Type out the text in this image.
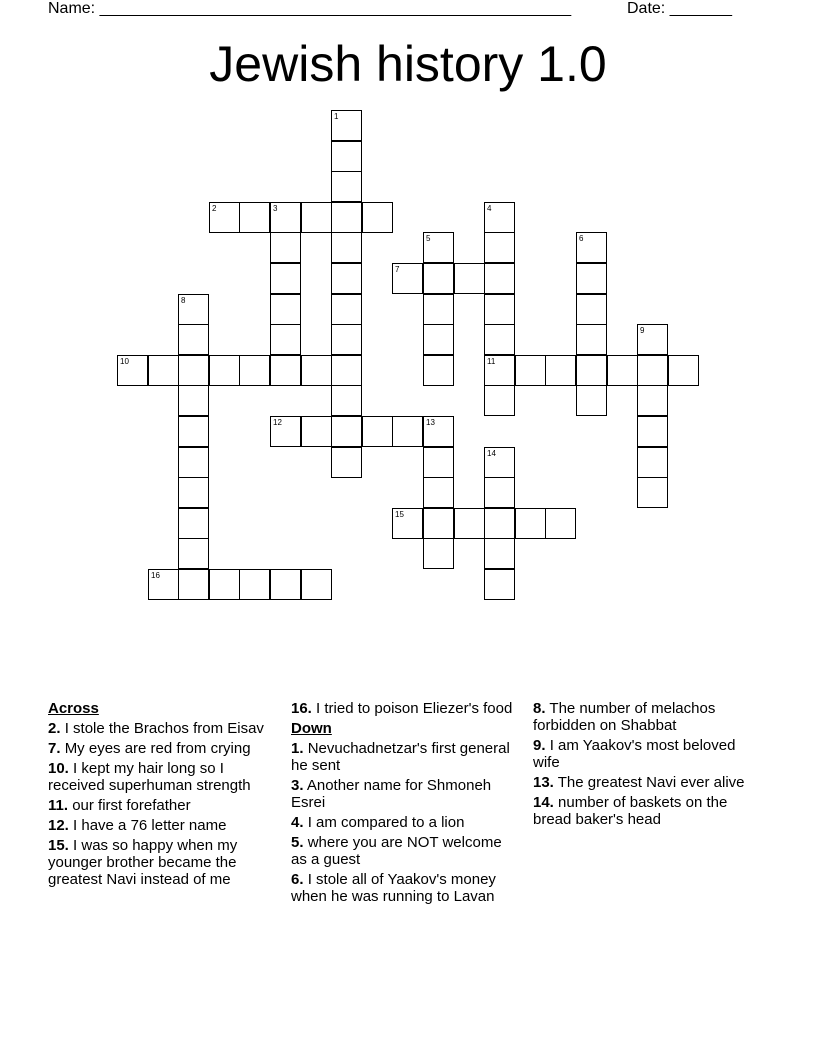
Name: _____________________________________________________	Date: _______
Jewish history 1.0
1
2	3	4
11
5	6
7
8
9
10
12	13
14
15
16
Across
2. I stole the Brachos from Eisav
7. My eyes are red from crying
10. I kept my hair long so I received superhuman strength
11. our first forefather
12. I have a 76 letter name
15. I was so happy when my younger brother became the greatest Navi instead of me
16. I tried to poison Eliezer's food
Down
1. Nevuchadnetzar's first general he sent
3. Another name for Shmoneh Esrei
4. I am compared to a lion
5. where you are NOT welcome as a guest
6. I stole all of Yaakov's money when he was running to Lavan
8. The number of melachos forbidden on Shabbat
9. I am Yaakov's most beloved wife
13. The greatest Navi ever alive
14. number of baskets on the bread baker's head
